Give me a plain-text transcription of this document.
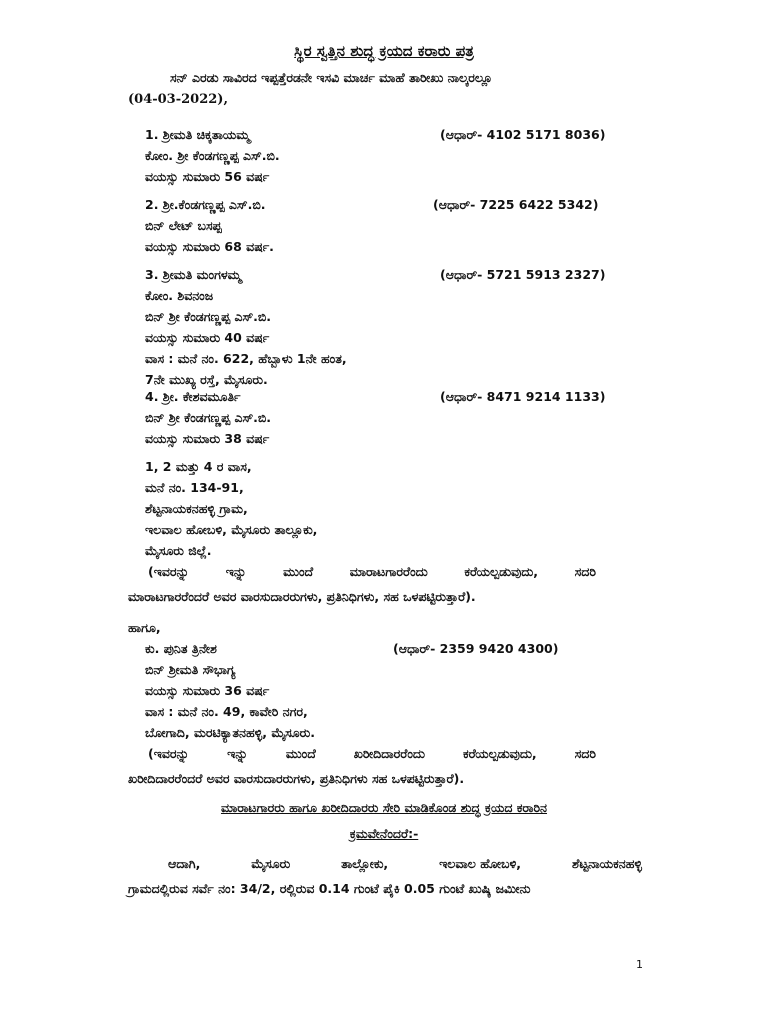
ಸ್ಥಿರ ಸ್ವತ್ತಿನ ಶುದ್ಧ ಕ್ರಯದ ಕರಾರು ಪತ್ರ
ಸನ್ ಎರಡು ಸಾವಿರದ ಇಪ್ಪತ್ತೆರಡನೇ ಇಸವಿ ಮಾರ್ಚ ಮಾಹೆ ತಾರೀಖು ನಾಲ್ಕರಲ್ಲೂ
(04-03-2022),
1. ಶ್ರೀಮತಿ ಚಿಕ್ಕತಾಯಮ್ಮ	(ಆಧಾರ್- 4102 5171 8036)
ಕೋಂ. ಶ್ರೀ ಕೆಂಡಗಣ್ಣಪ್ಪ ಎಸ್.ಬಿ.
ವಯಸ್ಸು ಸುಮಾರು 56 ವರ್ಷ
2. ಶ್ರೀ.ಕೆಂಡಗಣ್ಣಪ್ಪ ಎಸ್.ಬಿ.	(ಆಧಾರ್- 7225 6422 5342)
ಬಿನ್ ಲೇಟ್ ಬಸಪ್ಪ
ವಯಸ್ಸು ಸುಮಾರು 68 ವರ್ಷ.
3. ಶ್ರೀಮತಿ ಮಂಗಳಮ್ಮ	(ಆಧಾರ್- 5721 5913 2327)
ಕೋಂ. ಶಿವನಂಜ
ಬಿನ್ ಶ್ರೀ ಕೆಂಡಗಣ್ಣಪ್ಪ ಎಸ್.ಬಿ.
ವಯಸ್ಸು ಸುಮಾರು 40 ವರ್ಷ
ವಾಸ : ಮನೆ ನಂ. 622, ಹೆಬ್ಬಾಳು 1ನೇ ಹಂತ,
7ನೇ ಮುಖ್ಯ ರಸ್ತೆ, ಮೈಸೂರು.
4. ಶ್ರೀ. ಕೇಶವಮೂರ್ತಿ	(ಆಧಾರ್- 8471 9214 1133)
ಬಿನ್ ಶ್ರೀ ಕೆಂಡಗಣ್ಣಪ್ಪ ಎಸ್.ಬಿ.
ವಯಸ್ಸು ಸುಮಾರು 38 ವರ್ಷ
1, 2 ಮತ್ತು 4 ರ ವಾಸ,
ಮನೆ ನಂ. 134-91,
ಶೆಟ್ಟನಾಯಕನಹಳ್ಳಿ ಗ್ರಾಮ,
ಇಲವಾಲ ಹೋಬಳಿ, ಮೈಸೂರು ತಾಲ್ಲೂಕು,
ಮೈಸೂರು ಜಿಲ್ಲೆ.
(ಇವರನ್ನು	ಇನ್ನು	ಮುಂದೆ	ಮಾರಾಟಗಾರರೆಂದು	ಕರೆಯಲ್ಪಡುವುದು,	ಸದರಿ
ಮಾರಾಟಗಾರರೆಂದರೆ ಅವರ ವಾರಸುದಾರರುಗಳು, ಪ್ರತಿನಿಧಿಗಳು, ಸಹ ಒಳಪಟ್ಟಿರುತ್ತಾರೆ).
ಹಾಗೂ,
ಕು. ಪುನಿತ ತ್ರಿನೇಶ	(ಆಧಾರ್- 2359 9420 4300)
ಬಿನ್ ಶ್ರೀಮತಿ ಸೌಭಾಗ್ಯ
ವಯಸ್ಸು ಸುಮಾರು 36 ವರ್ಷ
ವಾಸ : ಮನೆ ನಂ. 49, ಕಾವೇರಿ ನಗರ,
ಬೋಗಾದಿ, ಮರಟಿಕ್ಯಾತನಹಳ್ಳಿ, ಮೈಸೂರು.
(ಇವರನ್ನು	ಇನ್ನು	ಮುಂದೆ	ಖರೀದಿದಾರರೆಂದು	ಕರೆಯಲ್ಪಡುವುದು,	ಸದರಿ
ಖರೀದಿದಾರರೆಂದರೆ ಅವರ ವಾರಸುದಾರರುಗಳು, ಪ್ರತಿನಿಧಿಗಳು ಸಹ ಒಳಪಟ್ಟಿರುತ್ತಾರೆ).
ಮಾರಾಟಗಾರರು ಹಾಗೂ ಖರೀದಿದಾರರು ಸೇರಿ ಮಾಡಿಕೊಂಡ ಶುದ್ಧ ಕ್ರಯದ ಕರಾರಿನ
ಕ್ರಮವೇನೆಂದರೆ:-
ಆದಾಗಿ,	ಮೈಸೂರು	ತಾಲ್ಲೋಕು,	ಇಲವಾಲ ಹೋಬಳಿ,	ಶೆಟ್ಟನಾಯಕನಹಳ್ಳಿ
ಗ್ರಾಮದಲ್ಲಿರುವ ಸರ್ವೆ ನಂ: 34/2, ರಲ್ಲಿರುವ 0.14 ಗುಂಟೆ ಪೈಕಿ 0.05 ಗುಂಟೆ ಖುಷ್ಕಿ ಜಮೀನು
1
